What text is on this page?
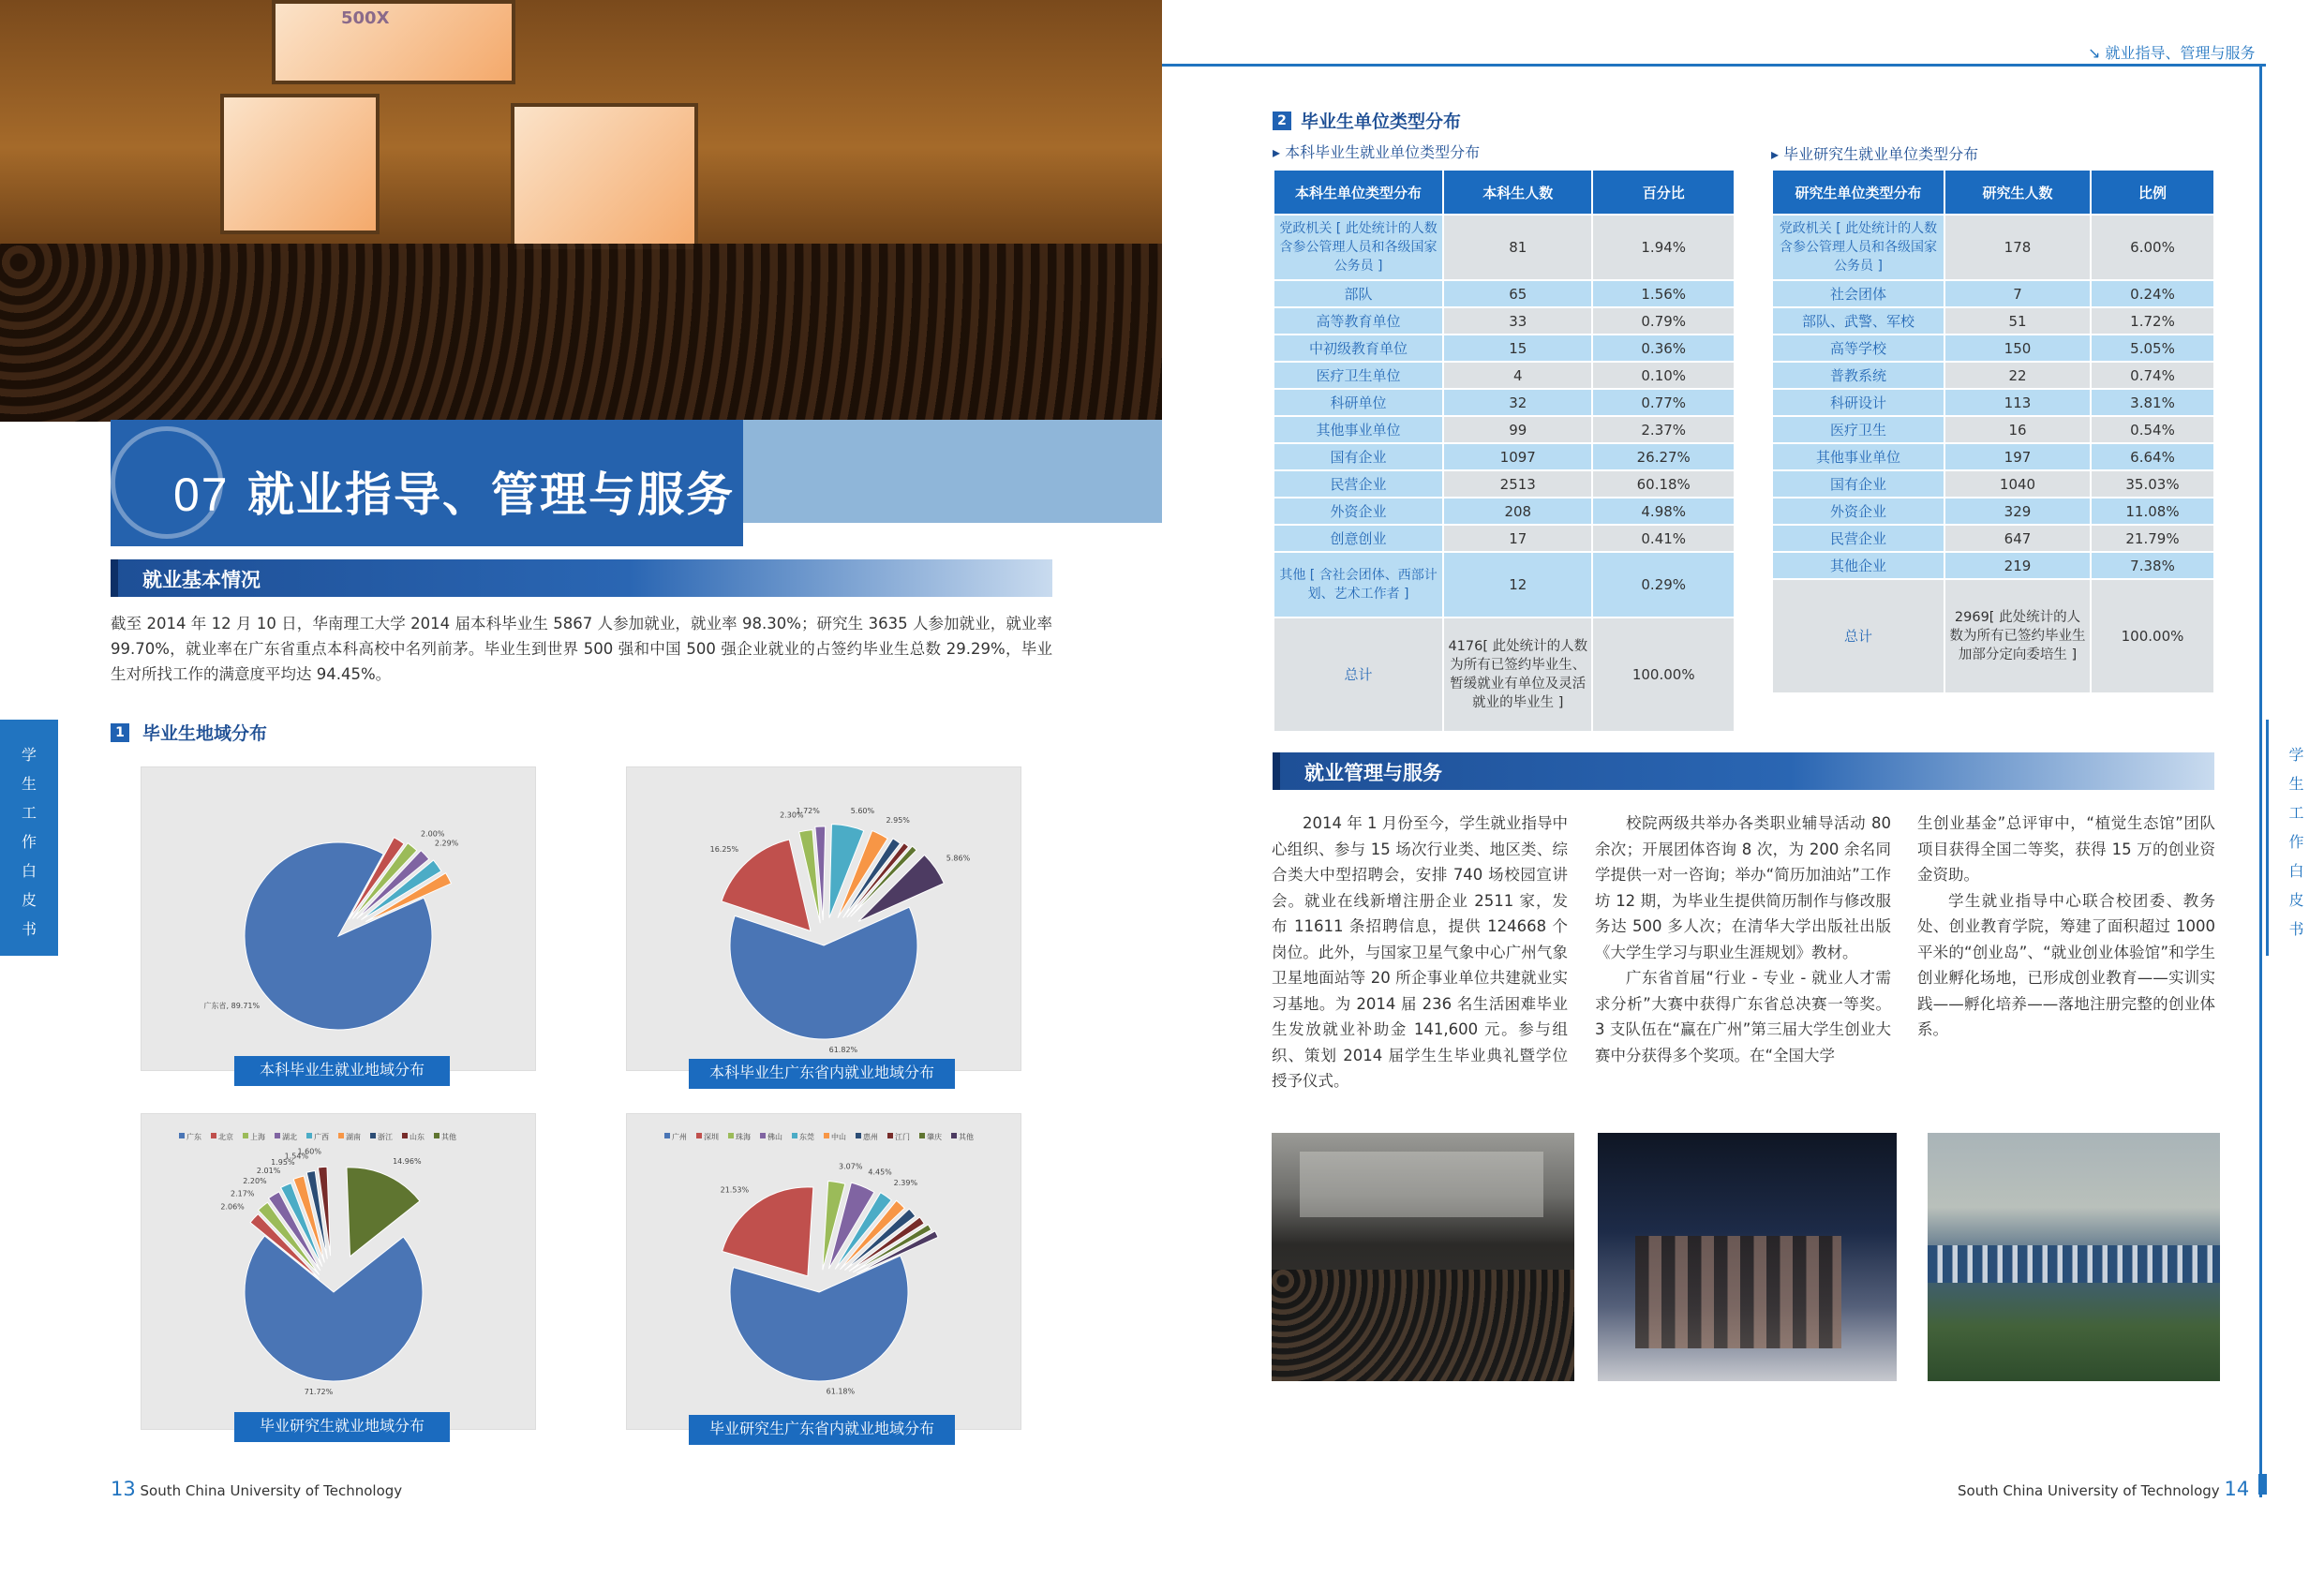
500X
07 就业指导、管理与服务
就业基本情况
截至 2014 年 12 月 10 日，华南理工大学 2014 届本科毕业生 5867 人参加就业，就业率 98.30%；研究生 3635 人参加就业，就业率 99.70%，就业率在广东省重点本科高校中名列前茅。毕业生到世界 500 强和中国 500 强企业就业的占签约毕业生总数 29.29%，毕业生对所找工作的满意度平均达 94.45%。
1 毕业生地域分布
广东省, 89.71%
2.00%
2.29%
本科毕业生就业地域分布
61.82%
16.25%
2.30%
1.72%	5.60%
2.95%
5.86%
本科毕业生广东省内就业地域分布
71.72%
2.06%
2.17%
2.20%
2.01%
1.95%
1.54%
1.60%
14.96%
广东 北京 上海 湖北 广西 湖南 浙江 山东 其他
毕业研究生就业地域分布
61.18%
21.53%
3.07%
4.45%
2.39%
广州 深圳 珠海 佛山 东莞 中山 惠州 江门 肇庆 其他
毕业研究生广东省内就业地域分布
学生工作白皮书
13 South China University of Technology
↘ 就业指导、管理与服务
2 毕业生单位类型分布
▸ 本科毕业生就业单位类型分布	▸ 毕业研究生就业单位类型分布
本科生单位类型分布	本科生人数	百分比
党政机关 [ 此处统计的人数含参公管理人员和各级国家公务员 ]	81	1.94%
部队	65	1.56%
高等教育单位	33	0.79%
中初级教育单位	15	0.36%
医疗卫生单位	4	0.10%
科研单位	32	0.77%
其他事业单位	99	2.37%
国有企业	1097	26.27%
民营企业	2513	60.18%
外资企业	208	4.98%
创意创业	17	0.41%
其他 [ 含社会团体、西部计划、艺术工作者 ]	12	0.29%
总计	4176[ 此处统计的人数为所有已签约毕业生、暂缓就业有单位及灵活就业的毕业生 ]	100.00%
研究生单位类型分布	研究生人数	比例
党政机关 [ 此处统计的人数含参公管理人员和各级国家公务员 ]	178	6.00%
社会团体	7	0.24%
部队、武警、军校	51	1.72%
高等学校	150	5.05%
普教系统	22	0.74%
科研设计	113	3.81%
医疗卫生	16	0.54%
其他事业单位	197	6.64%
国有企业	1040	35.03%
外资企业	329	11.08%
民营企业	647	21.79%
其他企业	219	7.38%
总计	2969[ 此处统计的人数为所有已签约毕业生加部分定向委培生 ]	100.00%
就业管理与服务
2014 年 1 月份至今，学生就业指导中心组织、参与 15 场次行业类、地区类、综合类大中型招聘会，安排 740 场校园宣讲会。就业在线新增注册企业 2511 家，发布 11611 条招聘信息，提供 124668 个岗位。此外，与国家卫星气象中心广州气象卫星地面站等 20 所企事业单位共建就业实习基地。为 2014 届 236 名生活困难毕业生发放就业补助金 141,600 元。参与组织、策划 2014 届学生生毕业典礼暨学位授予仪式。
校院两级共举办各类职业辅导活动 80 余次；开展团体咨询 8 次，为 200 余名同学提供一对一咨询；举办“简历加油站”工作坊 12 期，为毕业生提供简历制作与修改服务达 500 多人次；在清华大学出版社出版《大学生学习与职业生涯规划》教材。
广东省首届“行业 - 专业 - 就业人才需求分析”大赛中获得广东省总决赛一等奖。3 支队伍在“赢在广州”第三届大学生创业大赛中分获得多个奖项。在“全国大学
生创业基金”总评审中，“植觉生态馆”团队项目获得全国二等奖，获得 15 万的创业资金资助。
学生就业指导中心联合校团委、教务处、创业教育学院，筹建了面积超过 1000 平米的“创业岛”、“就业创业体验馆”和学生创业孵化场地，已形成创业教育——实训实践——孵化培养——落地注册完整的创业体系。
学生工作白皮书
South China University of Technology 14
